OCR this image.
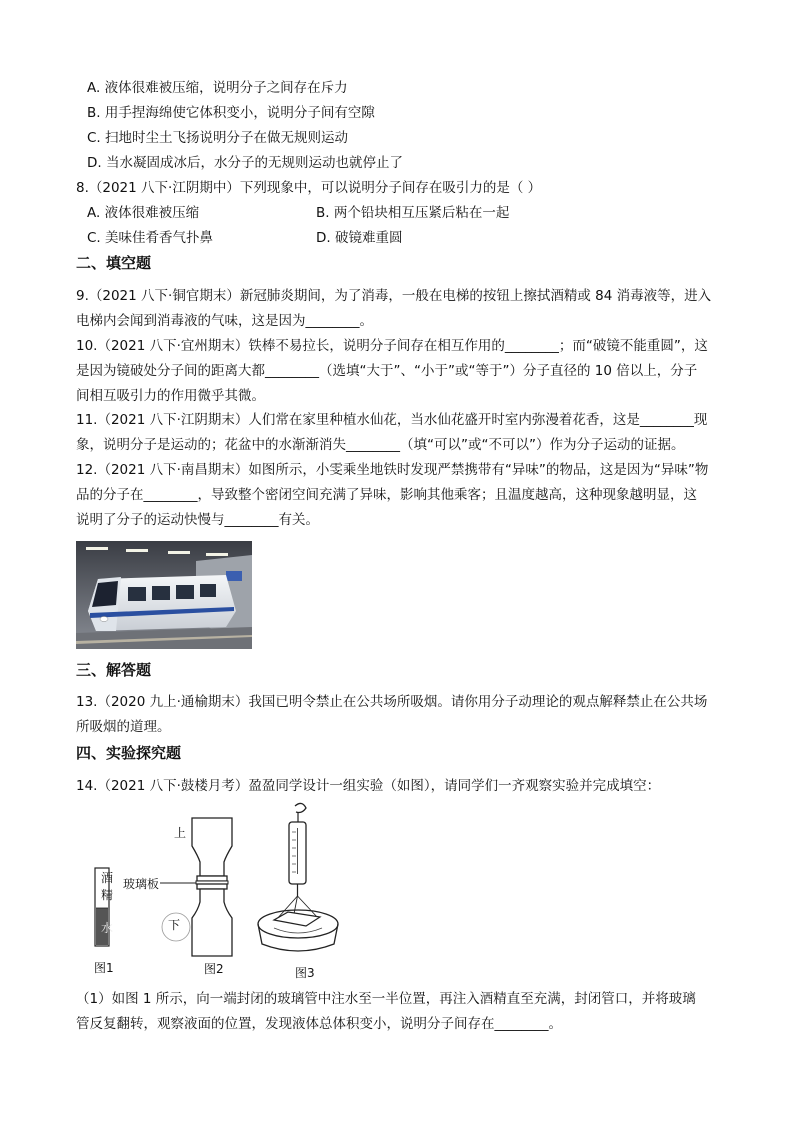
A. 液体很难被压缩，说明分子之间存在斥力
B. 用手捏海绵使它体积变小，说明分子间有空隙
C. 扫地时尘土飞扬说明分子在做无规则运动
D. 当水凝固成冰后，水分子的无规则运动也就停止了
8.（2021 八下·江阴期中）下列现象中，可以说明分子间存在吸引力的是（ ）
A. 液体很难被压缩	B. 两个铅块相互压紧后粘在一起
C. 美味佳肴香气扑鼻	D. 破镜难重圆
二、填空题
9.（2021 八下·铜官期末）新冠肺炎期间，为了消毒，一般在电梯的按钮上擦拭酒精或 84 消毒液等，进入
电梯内会闻到消毒液的气味，这是因为________。
10.（2021 八下·宜州期末）铁棒不易拉长，说明分子间存在相互作用的________；而“破镜不能重圆”，这
是因为镜破处分子间的距离大都________（选填“大于”、“小于”或“等于”）分子直径的 10 倍以上，分子
间相互吸引力的作用微乎其微。
11.（2021 八下·江阴期末）人们常在家里种植水仙花，当水仙花盛开时室内弥漫着花香，这是________现
象，说明分子是运动的；花盆中的水渐渐消失________（填“可以”或“不可以”）作为分子运动的证据。
12.（2021 八下·南昌期末）如图所示，小雯乘坐地铁时发现严禁携带有“异味”的物品，这是因为“异味”物
品的分子在________，导致整个密闭空间充满了异味，影响其他乘客；且温度越高，这种现象越明显，这
说明了分子的运动快慢与________有关。
三、解答题
13.（2020 九上·通榆期末）我国已明令禁止在公共场所吸烟。请你用分子动理论的观点解释禁止在公共场
所吸烟的道理。
四、实验探究题
14.（2021 八下·鼓楼月考）盈盈同学设计一组实验（如图），请同学们一齐观察实验并完成填空：
酒
精
水
上
玻璃板
下
图1	图2	图3
（1）如图 1 所示，向一端封闭的玻璃管中注水至一半位置，再注入酒精直至充满，封闭管口，并将玻璃
管反复翻转，观察液面的位置，发现液体总体积变小，说明分子间存在________。
